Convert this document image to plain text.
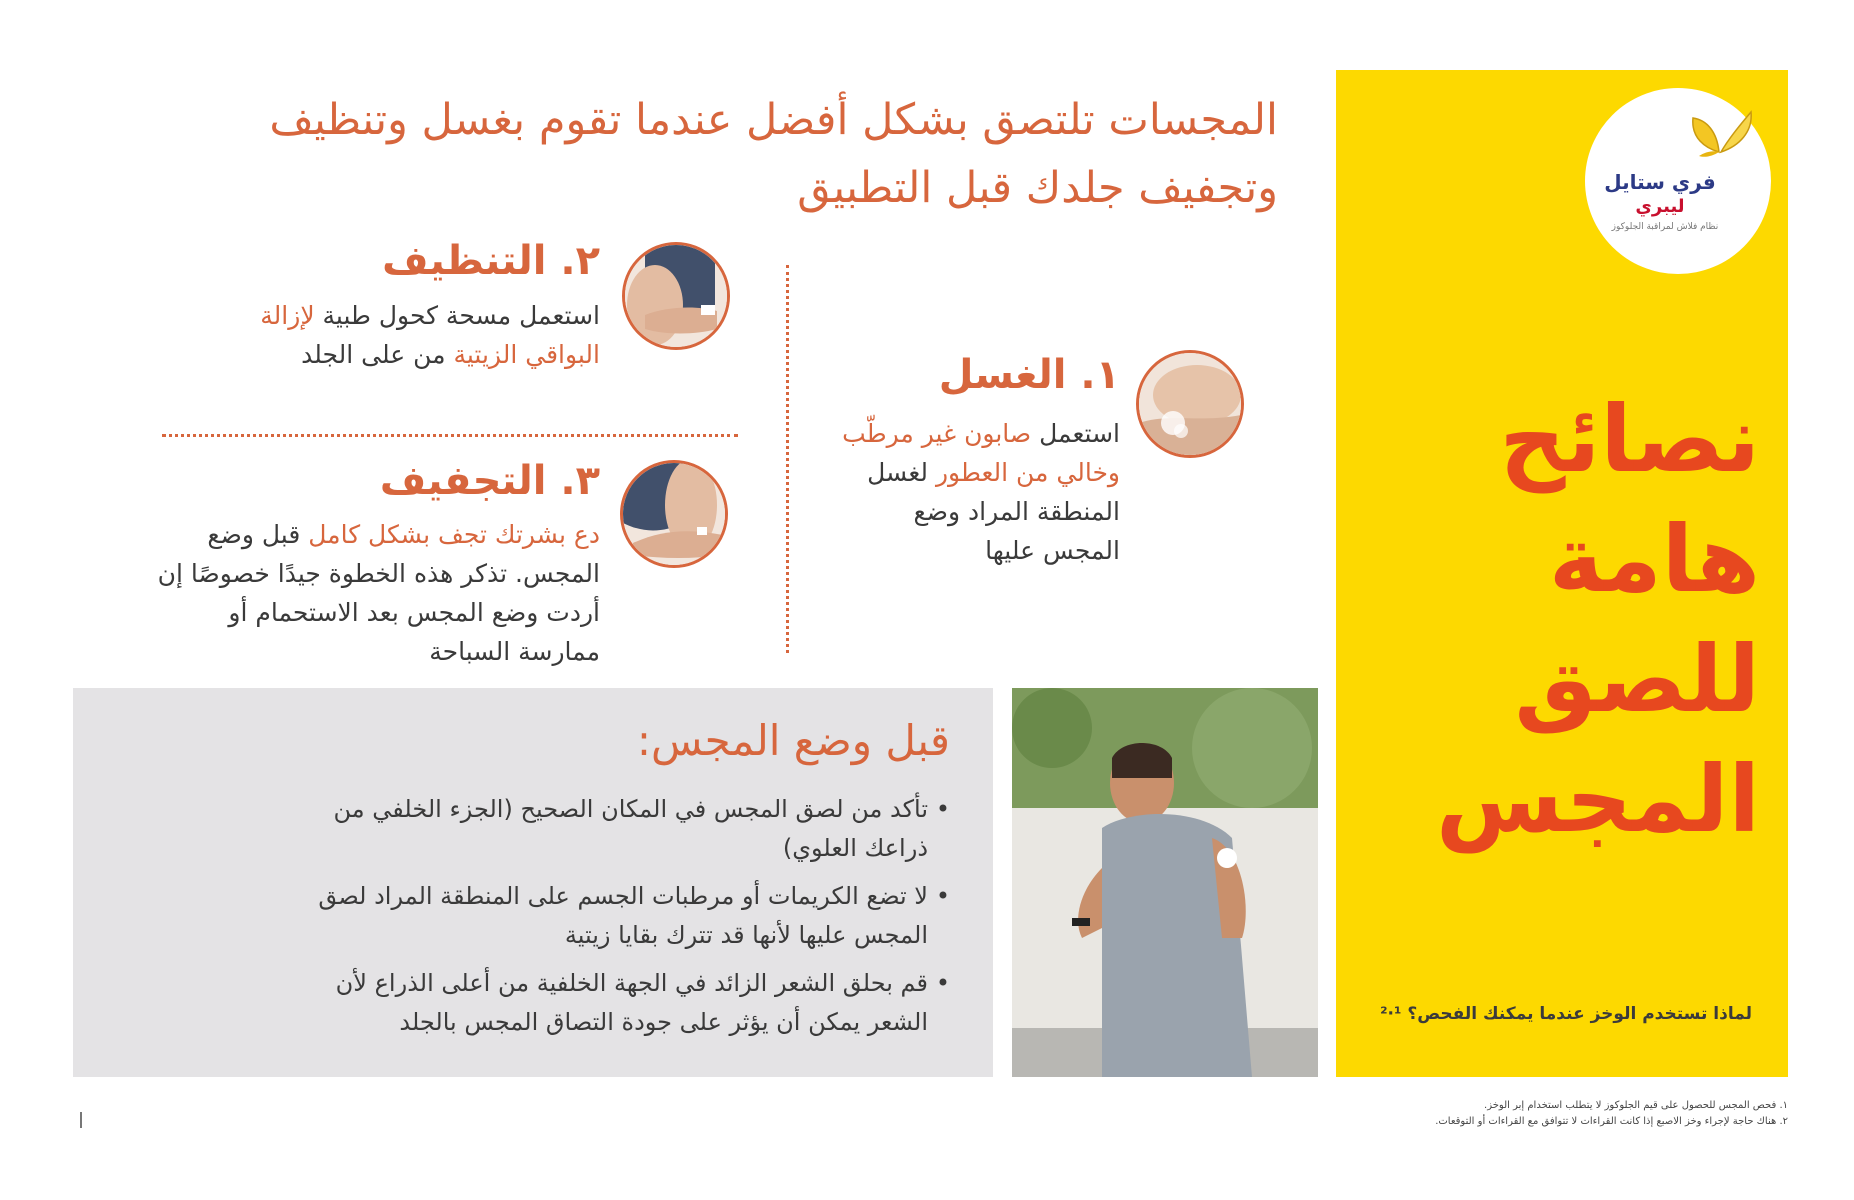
فري ستايل
ليبري
نظام فلاش لمراقبة الجلوكوز
نصائح
هامة
للصق
المجس
لماذا تستخدم الوخز عندما يمكنك الفحص؟ ¹·²
المجسات تلتصق بشكل أفضل عندما تقوم بغسل وتنظيف
وتجفيف جلدك قبل التطبيق
١. الغسل
استعمل صابون غير مرطّب وخالي من العطور لغسل المنطقة المراد وضع المجس عليها
٢. التنظيف
استعمل مسحة كحول طبية لإزالة البواقي الزيتية من على الجلد
٣. التجفيف
دع بشرتك تجف بشكل كامل قبل وضع المجس. تذكر هذه الخطوة جيدًا خصوصًا إن أردت وضع المجس بعد الاستحمام أو ممارسة السباحة
قبل وضع المجس:
• تأكد من لصق المجس في المكان الصحيح (الجزء الخلفي من ذراعك العلوي)
• لا تضع الكريمات أو مرطبات الجسم على المنطقة المراد لصق المجس عليها لأنها قد تترك بقايا زيتية
• قم بحلق الشعر الزائد في الجهة الخلفية من أعلى الذراع لأن الشعر يمكن أن يؤثر على جودة التصاق المجس بالجلد
١. فحص المجس للحصول على قيم الجلوكوز لا يتطلب استخدام إبر الوخز.
٢. هناك حاجة لإجراء وخز الاصبع إذا كانت القراءات لا تتوافق مع القراءات أو التوقعات.
